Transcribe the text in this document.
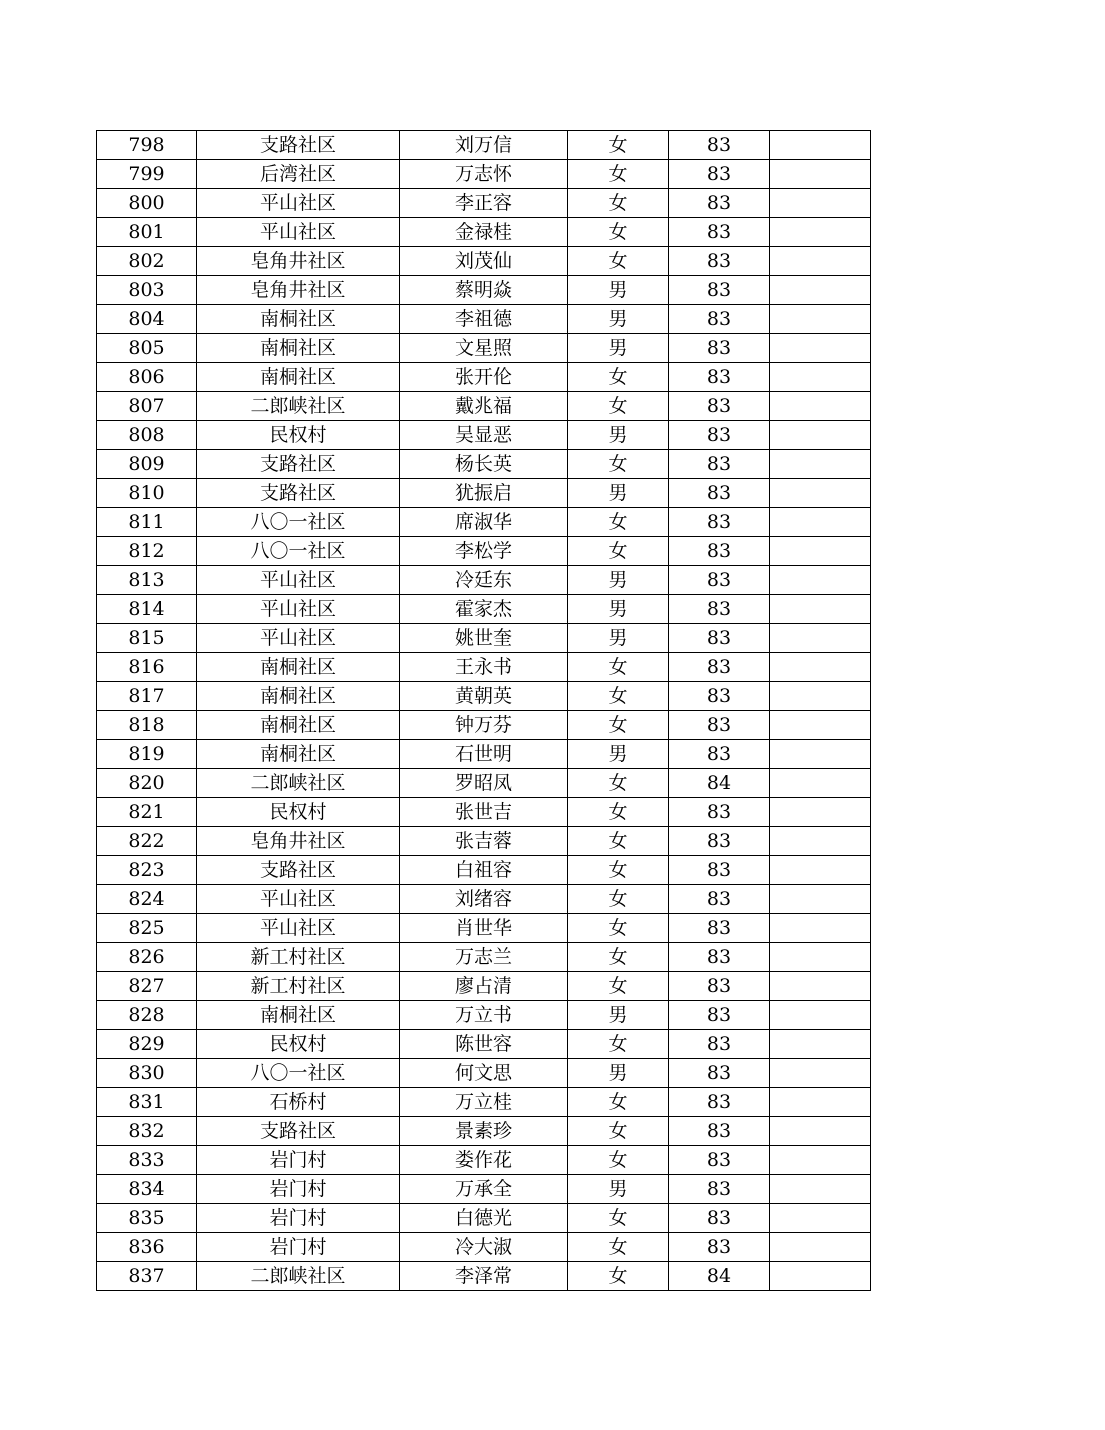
798	支路社区	刘万信	女	83	
799	后湾社区	万志怀	女	83	
800	平山社区	李正容	女	83	
801	平山社区	金禄桂	女	83	
802	皂角井社区	刘茂仙	女	83	
803	皂角井社区	蔡明焱	男	83	
804	南桐社区	李祖德	男	83	
805	南桐社区	文星照	男	83	
806	南桐社区	张开伦	女	83	
807	二郎峡社区	戴兆福	女	83	
808	民权村	吴显恶	男	83	
809	支路社区	杨长英	女	83	
810	支路社区	犹振启	男	83	
811	八〇一社区	席淑华	女	83	
812	八〇一社区	李松学	女	83	
813	平山社区	冷廷东	男	83	
814	平山社区	霍家杰	男	83	
815	平山社区	姚世奎	男	83	
816	南桐社区	王永书	女	83	
817	南桐社区	黄朝英	女	83	
818	南桐社区	钟万芬	女	83	
819	南桐社区	石世明	男	83	
820	二郎峡社区	罗昭凤	女	84	
821	民权村	张世吉	女	83	
822	皂角井社区	张吉蓉	女	83	
823	支路社区	白祖容	女	83	
824	平山社区	刘绪容	女	83	
825	平山社区	肖世华	女	83	
826	新工村社区	万志兰	女	83	
827	新工村社区	廖占清	女	83	
828	南桐社区	万立书	男	83	
829	民权村	陈世容	女	83	
830	八〇一社区	何文思	男	83	
831	石桥村	万立桂	女	83	
832	支路社区	景素珍	女	83	
833	岩门村	娄作花	女	83	
834	岩门村	万承全	男	83	
835	岩门村	白德光	女	83	
836	岩门村	冷大淑	女	83	
837	二郎峡社区	李泽常	女	84	
